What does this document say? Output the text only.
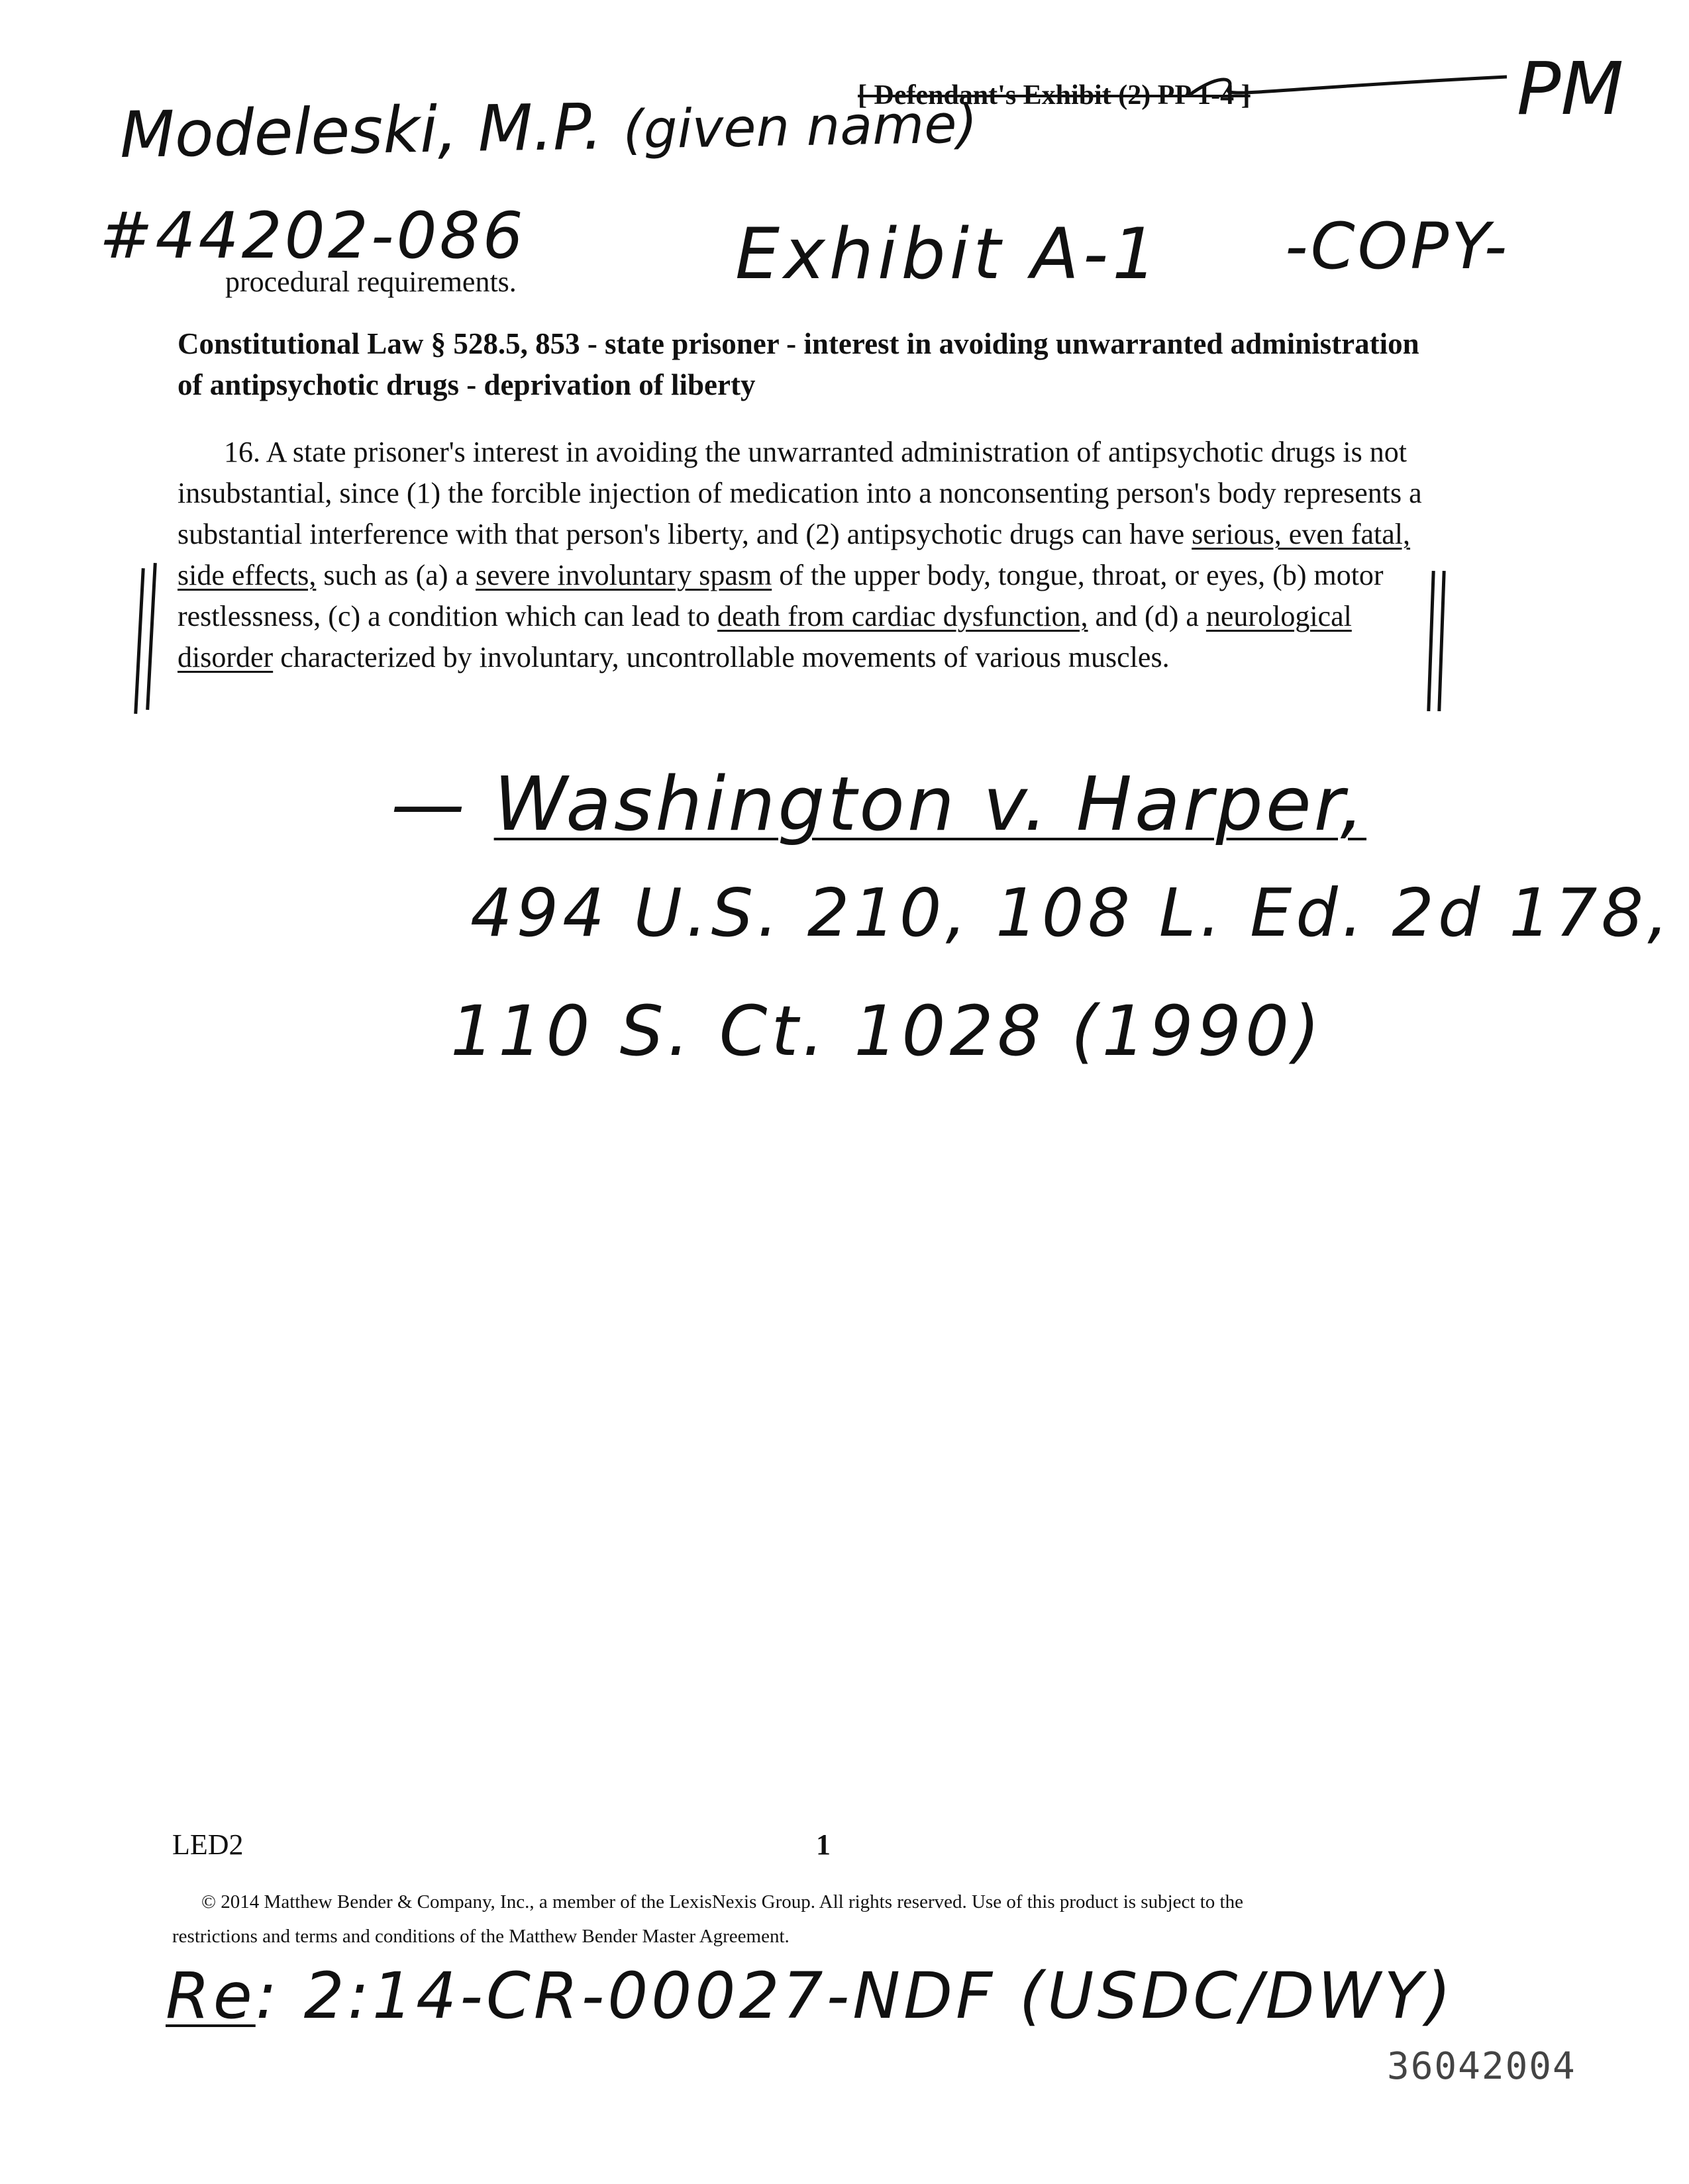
Modeleski, M.P. (given name)
#44202-086	Exhibit A-1 -COPY-
PM
[ Defendant's Exhibit (2) PP 1-4 ]
procedural requirements.
Constitutional Law § 528.5, 853 - state prisoner - interest in avoiding unwarranted administration of antipsychotic drugs - deprivation of liberty
16. A state prisoner's interest in avoiding the unwarranted administration of antipsychotic drugs is not insubstantial, since (1) the forcible injection of medication into a nonconsenting person's body represents a substantial interference with that person's liberty, and (2) antipsychotic drugs can have serious, even fatal, side effects, such as (a) a severe involuntary spasm of the upper body, tongue, throat, or eyes, (b) motor restlessness, (c) a condition which can lead to death from cardiac dysfunction, and (d) a neurological disorder characterized by involuntary, uncontrollable movements of various muscles.
— Washington v. Harper,
494 U.S. 210, 108 L. Ed. 2d 178,
110 S. Ct. 1028 (1990)
LED2	1
© 2014 Matthew Bender & Company, Inc., a member of the LexisNexis Group. All rights reserved. Use of this product is subject to the
restrictions and terms and conditions of the Matthew Bender Master Agreement.
Re: 2:14-CR-00027-NDF (USDC/DWY)
36042004
